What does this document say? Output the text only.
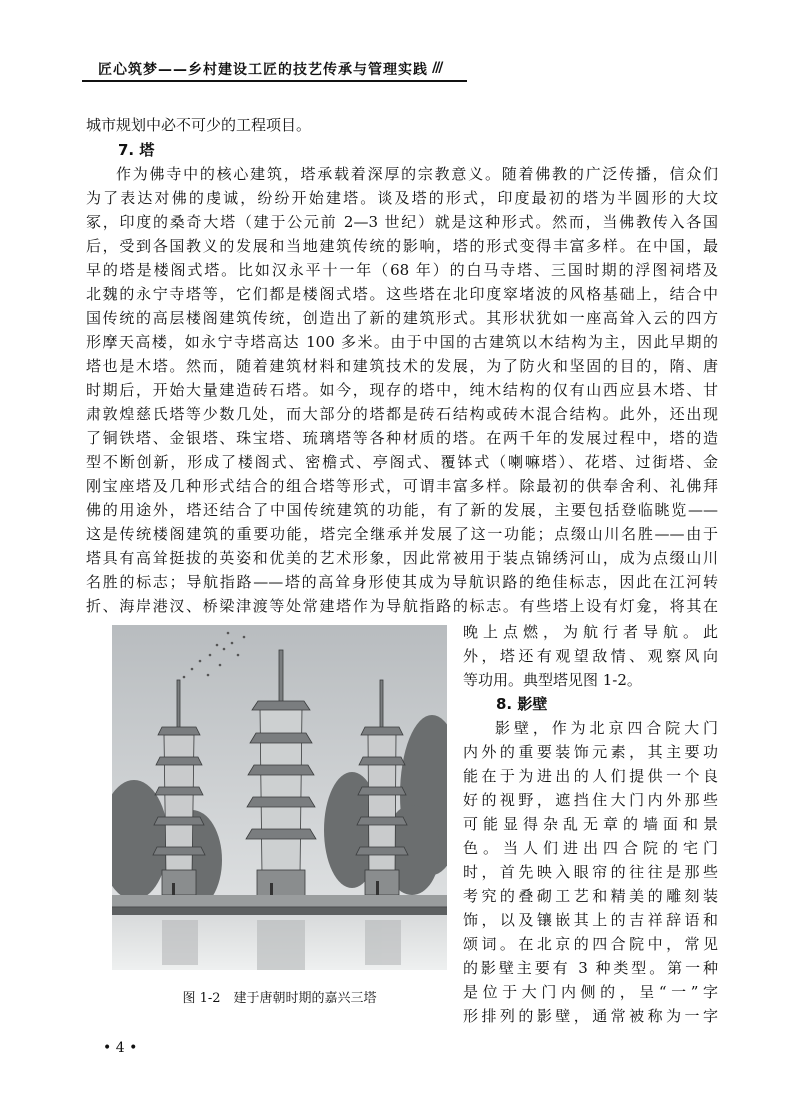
匠心筑梦——乡村建设工匠的技艺传承与管理实践 ///
城市规划中必不可少的工程项目。
7. 塔
作为佛寺中的核心建筑，塔承载着深厚的宗教意义。随着佛教的广泛传播，信众们
为了表达对佛的虔诚，纷纷开始建塔。谈及塔的形式，印度最初的塔为半圆形的大坟
冢，印度的桑奇大塔（建于公元前 2—3 世纪）就是这种形式。然而，当佛教传入各国
后，受到各国教义的发展和当地建筑传统的影响，塔的形式变得丰富多样。在中国，最
早的塔是楼阁式塔。比如汉永平十一年（68 年）的白马寺塔、三国时期的浮图祠塔及
北魏的永宁寺塔等，它们都是楼阁式塔。这些塔在北印度窣堵波的风格基础上，结合中
国传统的高层楼阁建筑传统，创造出了新的建筑形式。其形状犹如一座高耸入云的四方
形摩天高楼，如永宁寺塔高达 100 多米。由于中国的古建筑以木结构为主，因此早期的
塔也是木塔。然而，随着建筑材料和建筑技术的发展，为了防火和坚固的目的，隋、唐
时期后，开始大量建造砖石塔。如今，现存的塔中，纯木结构的仅有山西应县木塔、甘
肃敦煌慈氏塔等少数几处，而大部分的塔都是砖石结构或砖木混合结构。此外，还出现
了铜铁塔、金银塔、珠宝塔、琉璃塔等各种材质的塔。在两千年的发展过程中，塔的造
型不断创新，形成了楼阁式、密檐式、亭阁式、覆钵式（喇嘛塔）、花塔、过街塔、金
刚宝座塔及几种形式结合的组合塔等形式，可谓丰富多样。除最初的供奉舍利、礼佛拜
佛的用途外，塔还结合了中国传统建筑的功能，有了新的发展，主要包括登临眺览——
这是传统楼阁建筑的重要功能，塔完全继承并发展了这一功能；点缀山川名胜——由于
塔具有高耸挺拔的英姿和优美的艺术形象，因此常被用于装点锦绣河山，成为点缀山川
名胜的标志；导航指路——塔的高耸身形使其成为导航识路的绝佳标志，因此在江河转
折、海岸港汊、桥梁津渡等处常建塔作为导航指路的标志。有些塔上设有灯龛，将其在
晚上点燃，为航行者导航。此
外，塔还有观望敌情、观察风向
等功用。典型塔见图 1-2。
8. 影壁
影壁，作为北京四合院大门
内外的重要装饰元素，其主要功
能在于为进出的人们提供一个良
好的视野，遮挡住大门内外那些
可能显得杂乱无章的墙面和景
色。当人们进出四合院的宅门
时，首先映入眼帘的往往是那些
考究的叠砌工艺和精美的雕刻装
饰，以及镶嵌其上的吉祥辞语和
颂词。在北京的四合院中，常见
的影壁主要有 3 种类型。第一种
是位于大门内侧的，呈“一”字
形排列的影壁，通常被称为一字
图 1-2　建于唐朝时期的嘉兴三塔
• 4 •
